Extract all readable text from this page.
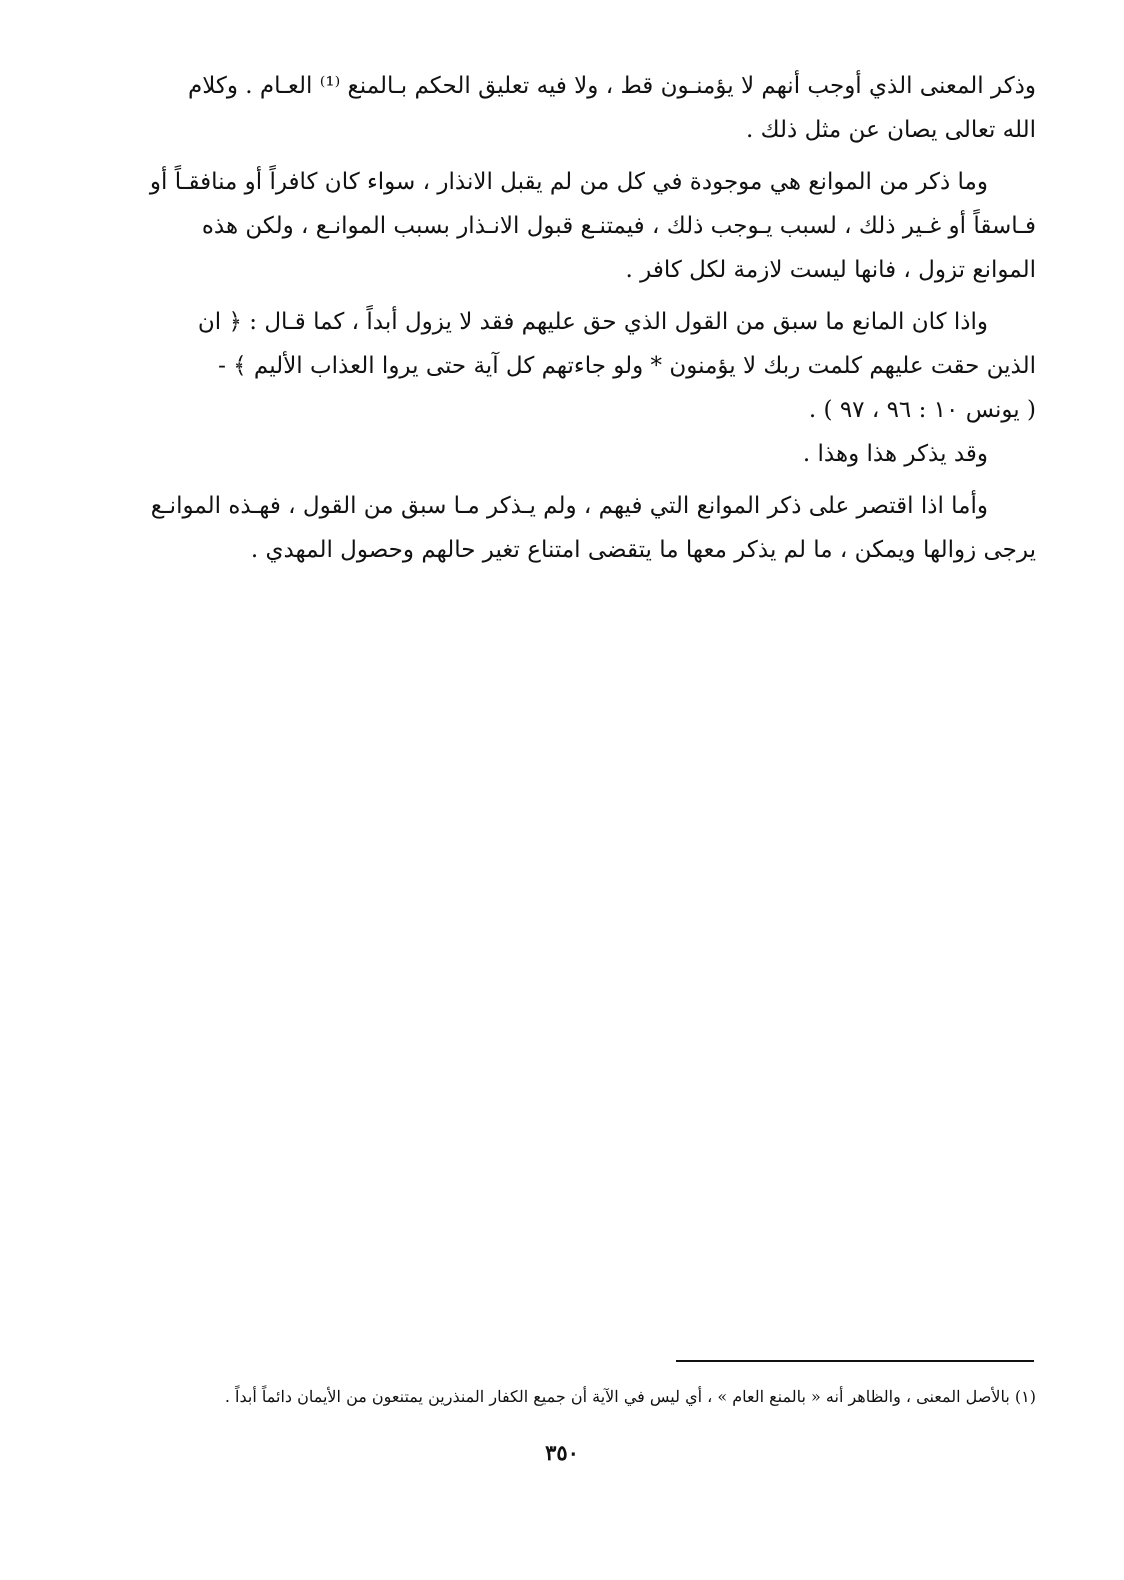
وذكر المعنى الذي أوجب أنهم لا يؤمنـون قط ، ولا فيه تعليق الحكم بـالمنع ⁽¹⁾ العـام . وكلام
الله تعالى يصان عن مثل ذلك .

وما ذكر من الموانع هي موجودة في كل من لم يقبل الانذار ، سواء كان كافراً أو منافقـاً أو
فـاسقاً أو غـير ذلك ، لسبب يـوجب ذلك ، فيمتنـع قبول الانـذار بسبب الموانـع ، ولكن هذه
الموانع تزول ، فانها ليست لازمة لكل كافر .

واذا كان المانع ما سبق من القول الذي حق عليهم فقد لا يزول أبداً ، كما قـال : ﴿ ان
الذين حقت عليهم كلمت ربك لا يؤمنون * ولو جاءتهم كل آية حتى يروا العذاب الأليم ﴾ -
( يونس ١٠ : ٩٦ ، ٩٧ ) .
وقد يذكر هذا وهذا .

وأما اذا اقتصر على ذكر الموانع التي فيهم ، ولم يـذكر مـا سبق من القول ، فهـذه الموانـع
يرجى زوالها ويمكن ، ما لم يذكر معها ما يتقضى امتناع تغير حالهم وحصول المهدي .

(١) بالأصل المعنى ، والظاهر أنه « بالمنع العام » ، أي ليس في الآية أن جميع الكفار المنذرين يمتنعون من الأيمان دائماً أبداً .
٣٥٠
